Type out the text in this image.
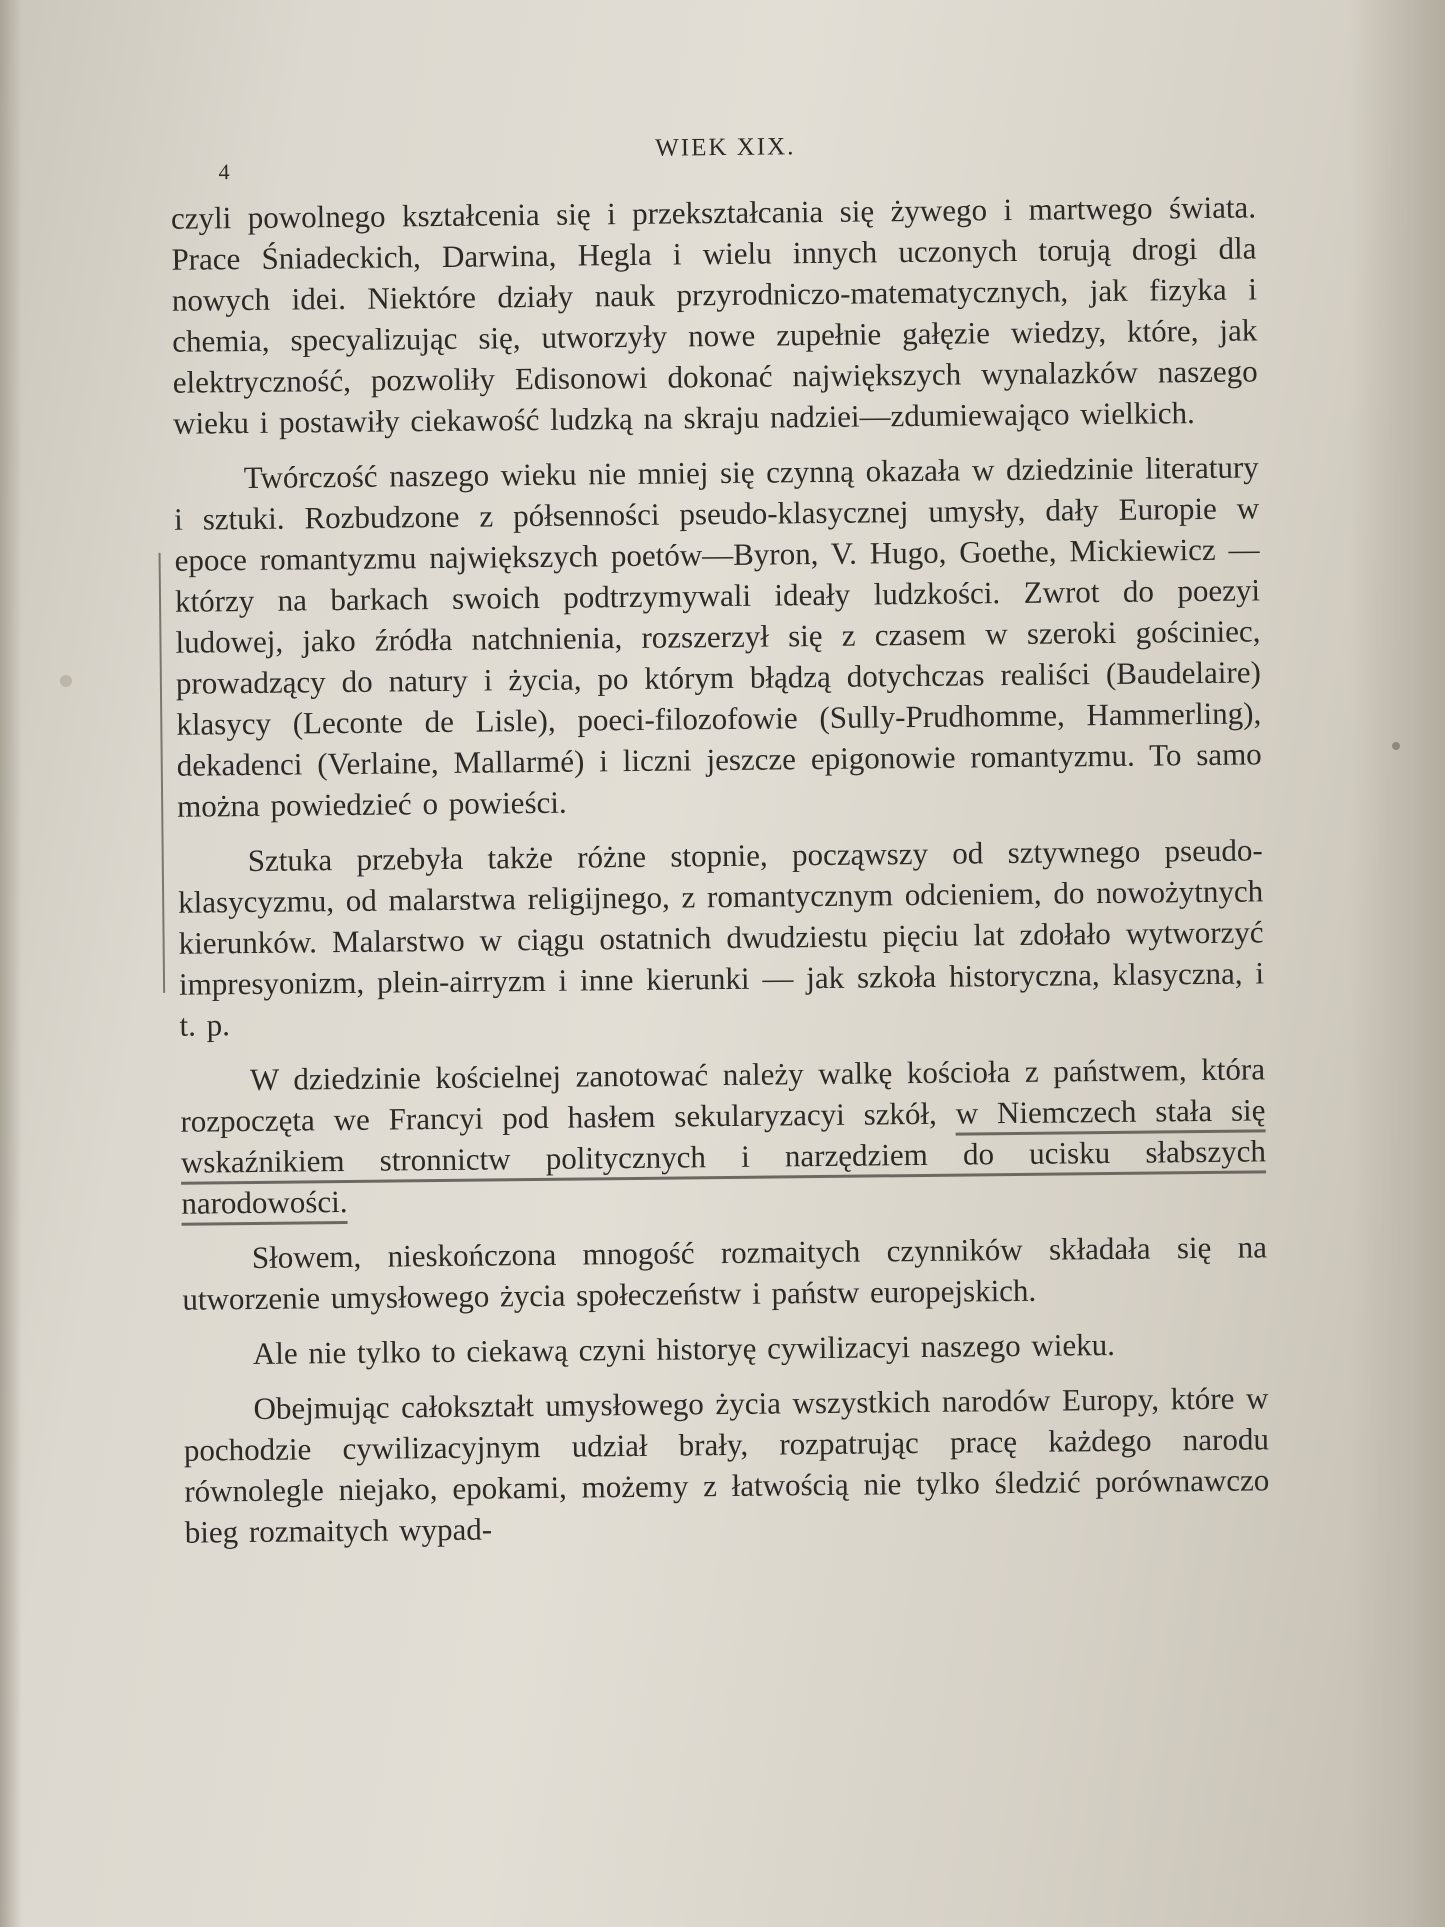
4
WIEK XIX.

czyli powolnego kształcenia się i przekształcania się żywego i martwego świata. Prace Śniadeckich, Darwina, Hegla i wielu innych uczonych torują drogi dla nowych idei. Niektóre działy nauk przyrodniczo-matematycznych, jak fizyka i chemia, specyalizując się, utworzyły nowe zupełnie gałęzie wiedzy, które, jak elektryczność, pozwoliły Edisonowi dokonać największych wynalazków naszego wieku i postawiły ciekawość ludzką na skraju nadziei—zdumiewająco wielkich.

Twórczość naszego wieku nie mniej się czynną okazała w dziedzinie literatury i sztuki. Rozbudzone z półsenności pseudo-klasycznej umysły, dały Europie w epoce romantyzmu największych poetów—Byron, V. Hugo, Goethe, Mickiewicz — którzy na barkach swoich podtrzymywali ideały ludzkości. Zwrot do poezyi ludowej, jako źródła natchnienia, rozszerzył się z czasem w szeroki gościniec, prowadzący do natury i życia, po którym błądzą dotychczas realiści (Baudelaire) klasycy (Leconte de Lisle), poeci-filozofowie (Sully-Prudhomme, Hammerling), dekadenci (Verlaine, Mallarmé) i liczni jeszcze epigonowie romantyzmu. To samo można powiedzieć o powieści.

Sztuka przebyła także różne stopnie, począwszy od sztywnego pseudo-klasycyzmu, od malarstwa religijnego, z romantycznym odcieniem, do nowożytnych kierunków. Malarstwo w ciągu ostatnich dwudziestu pięciu lat zdołało wytworzyć impresyonizm, plein-airryzm i inne kierunki — jak szkoła historyczna, klasyczna, i t. p.

W dziedzinie kościelnej zanotować należy walkę kościoła z państwem, która rozpoczęta we Francyi pod hasłem sekularyzacyi szkół, w Niemczech stała się wskaźnikiem stronnictw politycznych i narzędziem do ucisku słabszych narodowości.

Słowem, nieskończona mnogość rozmaitych czynników składała się na utworzenie umysłowego życia społeczeństw i państw europejskich.

Ale nie tylko to ciekawą czyni historyę cywilizacyi naszego wieku.

Obejmując całokształt umysłowego życia wszystkich narodów Europy, które w pochodzie cywilizacyjnym udział brały, rozpatrując pracę każdego narodu równolegle niejako, epokami, możemy z łatwością nie tylko śledzić porównawczo bieg rozmaitych wypad-
